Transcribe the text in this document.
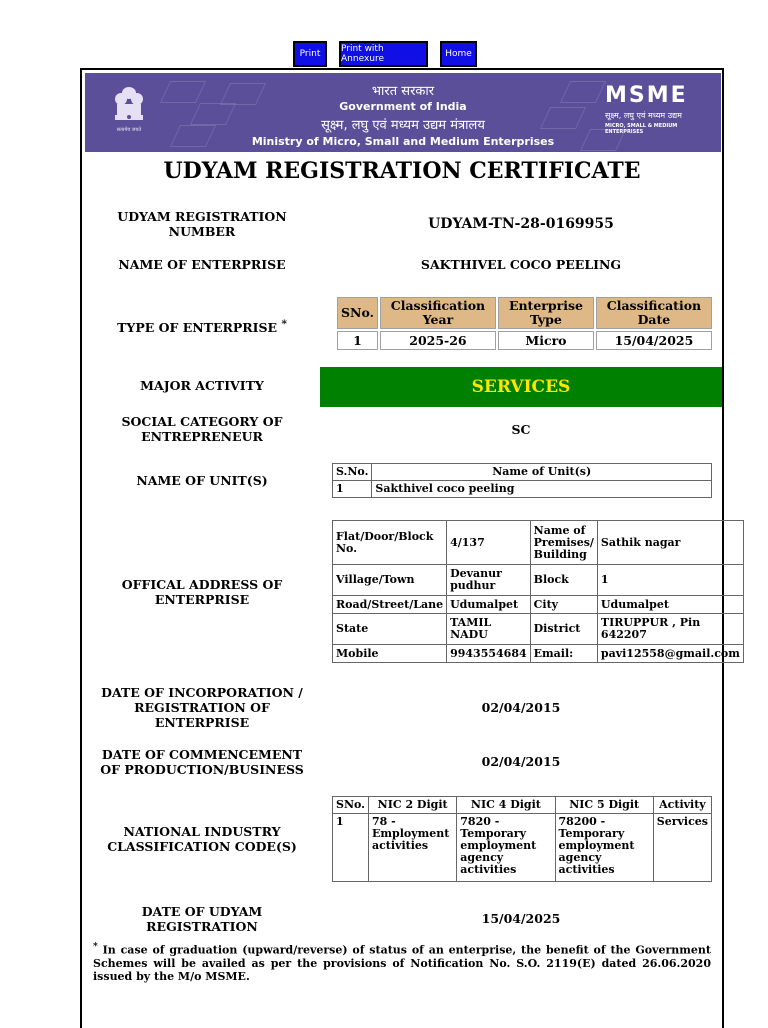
Print	Print with Annexure	Home
सत्यमेव जयते
भारत सरकार
Government of India
सूक्ष्म, लघु एवं मध्यम उद्यम मंत्रालय
Ministry of Micro, Small and Medium Enterprises
MSME
सूक्ष्म, लघु एवं मध्यम उद्यम
MICRO, SMALL & MEDIUM ENTERPRISES
UDYAM REGISTRATION CERTIFICATE
UDYAM REGISTRATION NUMBER	UDYAM-TN-28-0169955
NAME OF ENTERPRISE	SAKTHIVEL COCO PEELING
TYPE OF ENTERPRISE *
SNo.	Classification Year	Enterprise Type	Classification Date
1	2025-26	Micro	15/04/2025
MAJOR ACTIVITY	SERVICES
SOCIAL CATEGORY OF ENTREPRENEUR	SC
NAME OF UNIT(S)
S.No.	Name of Unit(s)
1	Sakthivel coco peeling
OFFICAL ADDRESS OF ENTERPRISE
Flat/Door/Block No.	4/137	Name of Premises/ Building	Sathik nagar
Village/Town	Devanur pudhur	Block	1
Road/Street/Lane	Udumalpet	City	Udumalpet
State	TAMIL NADU	District	TIRUPPUR , Pin 642207
Mobile	9943554684	Email:	pavi12558@gmail.com
DATE OF INCORPORATION / REGISTRATION OF ENTERPRISE
02/04/2015
DATE OF COMMENCEMENT OF PRODUCTION/BUSINESS
02/04/2015
NATIONAL INDUSTRY CLASSIFICATION CODE(S)
SNo.	NIC 2 Digit	NIC 4 Digit	NIC 5 Digit	Activity
1	78 - Employment activities	7820 - Temporary employment agency activities	78200 - Temporary employment agency activities	Services
DATE OF UDYAM REGISTRATION
15/04/2025
* In case of graduation (upward/reverse) of status of an enterprise, the benefit of the Government Schemes will be availed as per the provisions of Notification No. S.O. 2119(E) dated 26.06.2020 issued by the M/o MSME.
